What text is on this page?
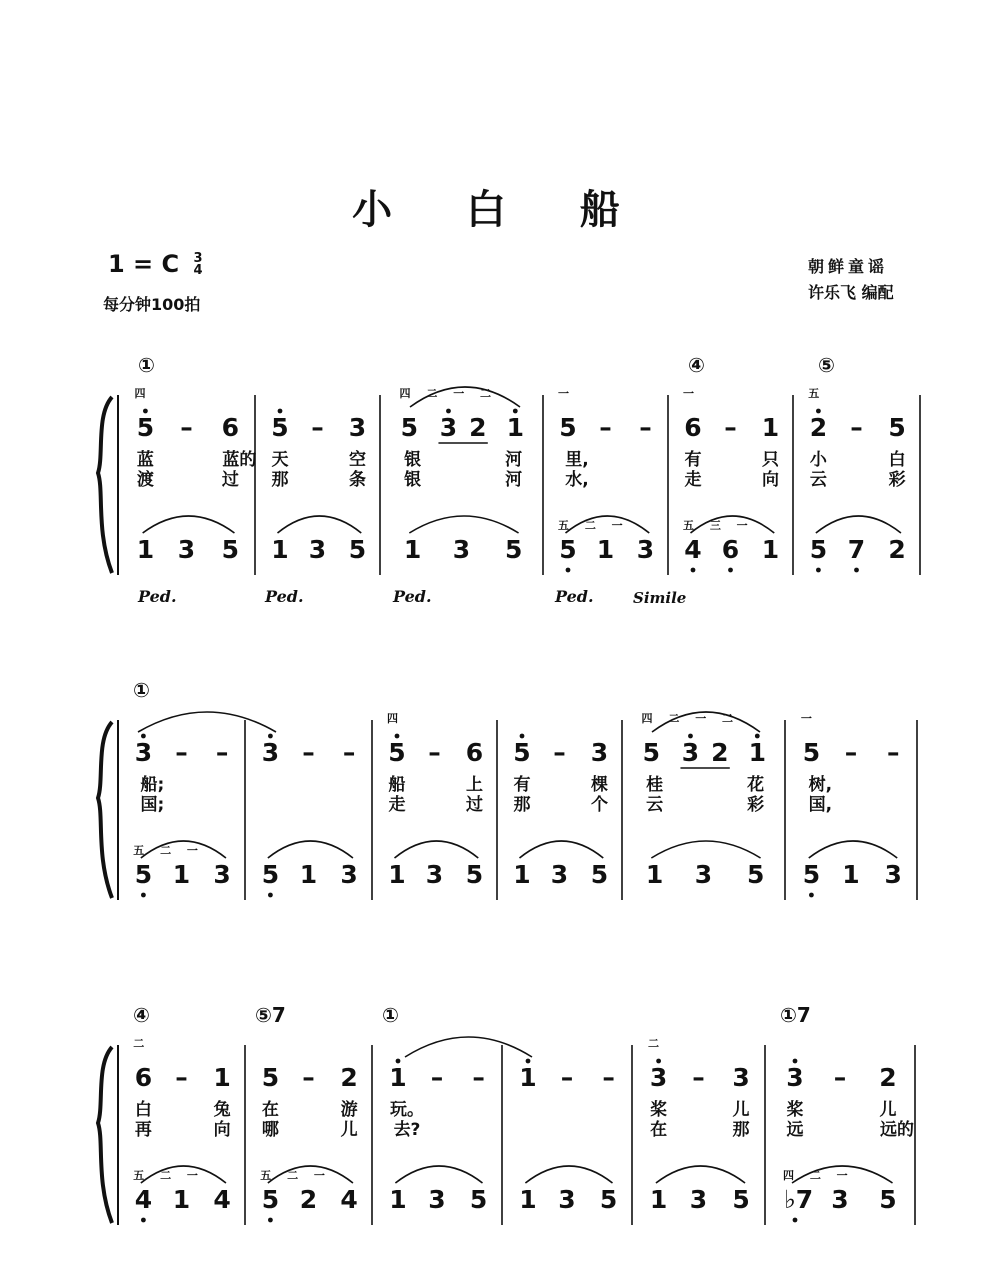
小 白 船
1 = C 3
4
每分钟100拍
朝鲜童谣
许乐飞 编配
①	④	⑤
5 – 6
蓝	蓝的
渡	过
1 3 5
四
5 – 3
天	空
那	条
1 3 5
5 3 2 1
银	河
银	河
1 3 5
四 二 一 二
5 – –
里,
水,
5 1 3
一
五 二 一
6 – 1
有	只
走	向
4 6 1
一
五 三 一
2 – 5
小	白
云	彩
5 7 2
五
Ped.	Ped.	Ped.	Ped.	Simile
①
3 – –
船;
国;
5 1 3
五 二 一
3 – –
5 1 3
5 – 6
船	上
走	过
1 3 5
四
5 – 3
有	棵
那	个
1 3 5
5 3 2 1
桂	花
云	彩
1 3 5
四 二 一 二
5 – –
树,
国,
5 1 3
一
④	⑤7	①	①7
6 – 1
白	兔
再	向
4 1 4
二
五 二 一
5 – 2
在	游
哪	儿
5 2 4
五 二 一
1 – –
玩。
去?
1 3 5
1 – –
1 3 5
3 – 3
桨	儿
在	那
1 3 5
二
3 – 2
桨	儿
远	远的
♭7 3 5
四 二 一
